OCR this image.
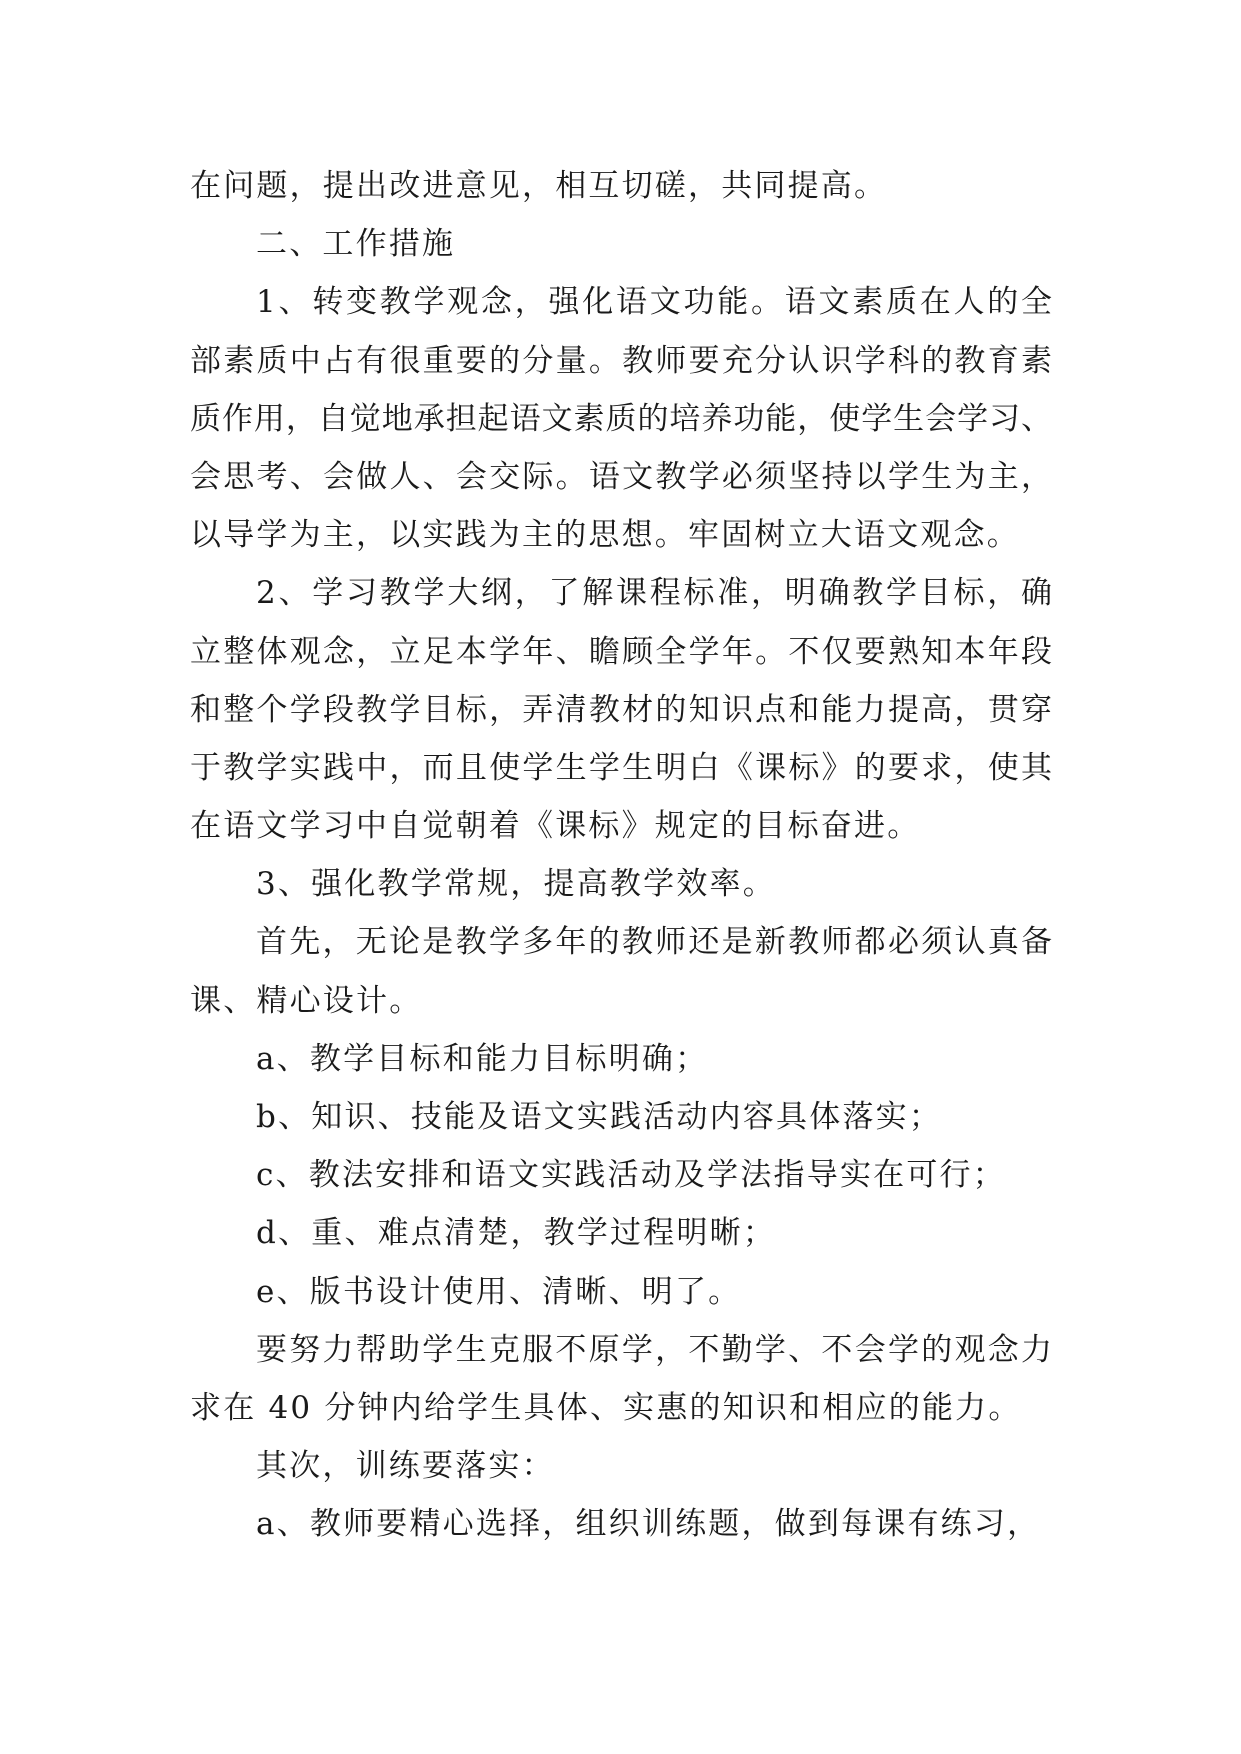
在问题，提出改进意见，相互切磋，共同提高。
二、工作措施
1、转变教学观念，强化语文功能。语文素质在人的全
部素质中占有很重要的分量。教师要充分认识学科的教育素
质作用，自觉地承担起语文素质的培养功能，使学生会学习、
会思考、会做人、会交际。语文教学必须坚持以学生为主，
以导学为主，以实践为主的思想。牢固树立大语文观念。
2、学习教学大纲，了解课程标准，明确教学目标，确
立整体观念，立足本学年、瞻顾全学年。不仅要熟知本年段
和整个学段教学目标，弄清教材的知识点和能力提高，贯穿
于教学实践中，而且使学生学生明白《课标》的要求，使其
在语文学习中自觉朝着《课标》规定的目标奋进。
3、强化教学常规，提高教学效率。
首先，无论是教学多年的教师还是新教师都必须认真备
课、精心设计。
a、教学目标和能力目标明确；
b、知识、技能及语文实践活动内容具体落实；
c、教法安排和语文实践活动及学法指导实在可行；
d、重、难点清楚，教学过程明晰；
e、版书设计使用、清晰、明了。
要努力帮助学生克服不原学，不勤学、不会学的观念力
求在 40 分钟内给学生具体、实惠的知识和相应的能力。
其次，训练要落实：
a、教师要精心选择，组织训练题，做到每课有练习，
